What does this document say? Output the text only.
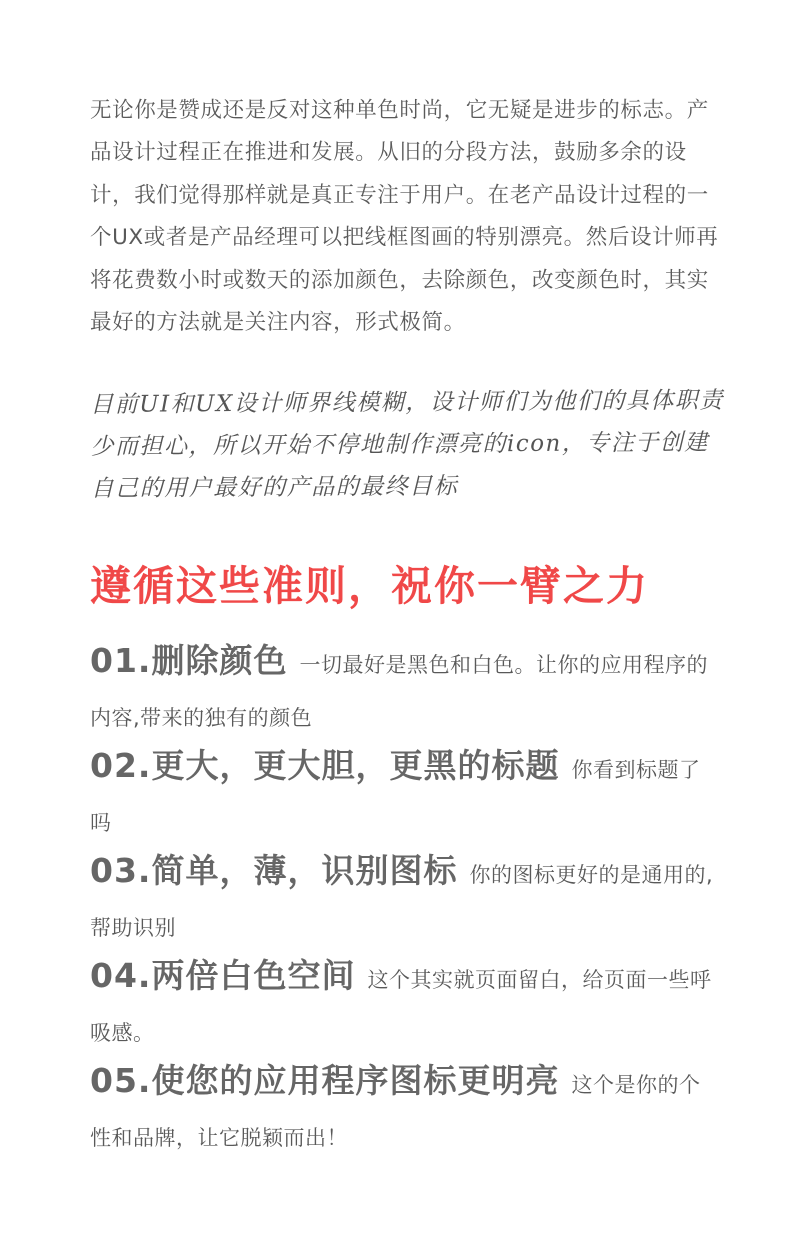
无论你是赞成还是反对这种单色时尚，它无疑是进步的标志。产品设计过程正在推进和发展。从旧的分段方法，鼓励多余的设计，我们觉得那样就是真正专注于用户。在老产品设计过程的一个UX或者是产品经理可以把线框图画的特别漂亮。然后设计师再将花费数小时或数天的添加颜色，去除颜色，改变颜色时，其实最好的方法就是关注内容，形式极简。

目前UI和UX设计师界线模糊，设计师们为他们的具体职责少而担心，所以开始不停地制作漂亮的icon，专注于创建自己的用户最好的产品的最终目标

遵循这些准则，祝你一臂之力
01.删除颜色 一切最好是黑色和白色。让你的应用程序的内容,带来的独有的颜色
02.更大，更大胆，更黑的标题 你看到标题了吗
03.简单，薄，识别图标 你的图标更好的是通用的,帮助识别
04.两倍白色空间 这个其实就页面留白，给页面一些呼吸感。
05.使您的应用程序图标更明亮 这个是你的个性和品牌，让它脱颖而出！
